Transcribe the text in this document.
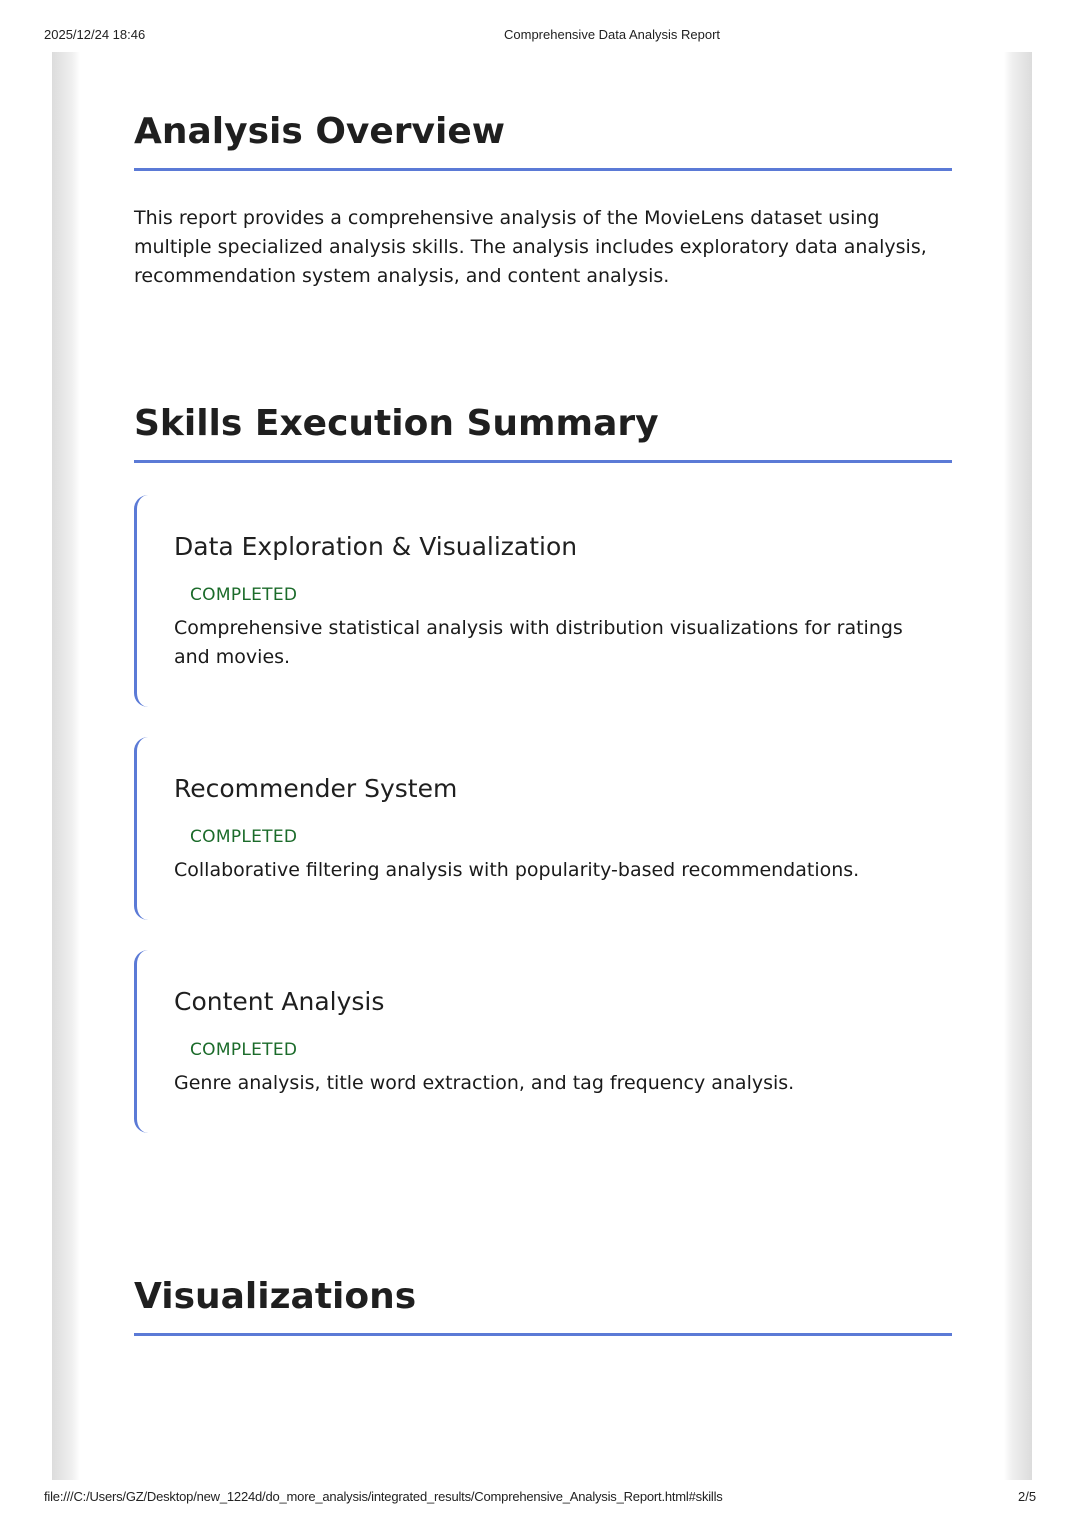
2025/12/24 18:46	Comprehensive Data Analysis Report
Analysis Overview

This report provides a comprehensive analysis of the MovieLens dataset using multiple specialized analysis skills. The analysis includes exploratory data analysis, recommendation system analysis, and content analysis.

Skills Execution Summary
Data Exploration & Visualization
COMPLETED

Comprehensive statistical analysis with distribution visualizations for ratings and movies.

Recommender System
COMPLETED

Collaborative filtering analysis with popularity-based recommendations.

Content Analysis
COMPLETED

Genre analysis, title word extraction, and tag frequency analysis.

Visualizations
file:///C:/Users/GZ/Desktop/new_1224d/do_more_analysis/integrated_results/Comprehensive_Analysis_Report.html#skills	2/5
